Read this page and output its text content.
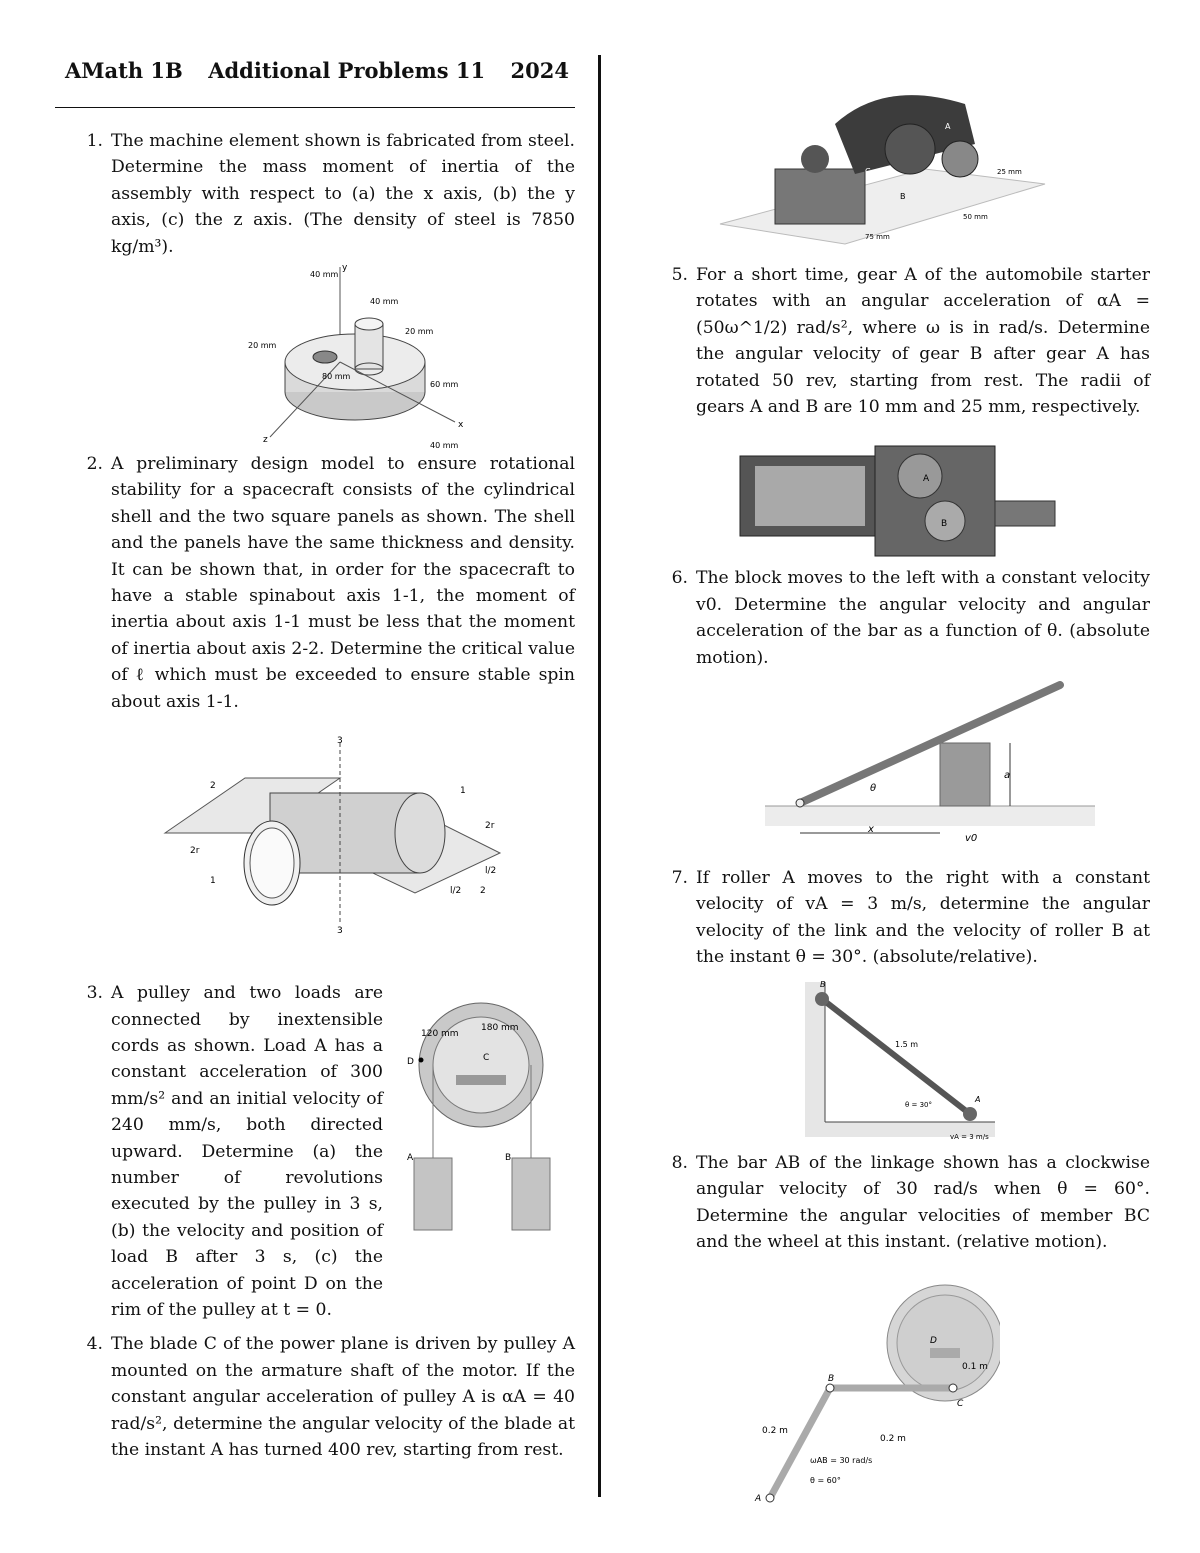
AMath 1B Additional Problems 11 2024
1. The machine element shown is fabricated from steel. Determine the mass moment of inertia of the assembly with respect to (a) the x axis, (b) the y axis, (c) the z axis. (The density of steel is 7850 kg/m³).
y
z
x
40 mm
40 mm
20 mm
20 mm
80 mm
60 mm
40 mm
2. A preliminary design model to ensure rotational stability for a spacecraft consists of the cylindrical shell and the two square panels as shown. The shell and the panels have the same thickness and density. It can be shown that, in order for the spacecraft to have a stable spinabout axis 1-1, the moment of inertia about axis 1-1 must be less that the moment of inertia about axis 2-2. Determine the critical value of ℓ which must be exceeded to ensure stable spin about axis 1-1.
3
3
2
2
1
1
2r
2r
l/2
l/2
3. A pulley and two loads are connected by inextensible cords as shown. Load A has a constant acceleration of 300 mm/s² and an initial velocity of 240 mm/s, both directed upward. Determine (a) the number of revolutions executed by the pulley in 3 s, (b) the velocity and position of load B after 3 s, (c) the acceleration of point D on the rim of the pulley at t = 0.
120 mm
180 mm
C
D
A	B
4. The blade C of the power plane is driven by pulley A mounted on the armature shaft of the motor. If the constant angular acceleration of pulley A is αA = 40 rad/s², determine the angular velocity of the blade at the instant A has turned 400 rev, starting from rest.
A
B
C	25 mm
50 mm
75 mm
5. For a short time, gear A of the automobile starter rotates with an angular acceleration of αA = (50ω^1/2) rad/s², where ω is in rad/s. Determine the angular velocity of gear B after gear A has rotated 50 rev, starting from rest. The radii of gears A and B are 10 mm and 25 mm, respectively.
A
B
6. The block moves to the left with a constant velocity v0. Determine the angular velocity and angular acceleration of the bar as a function of θ. (absolute motion).
θ
a
x
v0
7. If roller A moves to the right with a constant velocity of vA = 3 m/s, determine the angular velocity of the link and the velocity of roller B at the instant θ = 30°. (absolute/relative).
B
A
1.5 m
θ = 30°
vA = 3 m/s
8. The bar AB of the linkage shown has a clockwise angular velocity of 30 rad/s when θ = 60°. Determine the angular velocities of member BC and the wheel at this instant. (relative motion).
D
B
C
A
0.1 m
0.2 m
0.2 m
ωAB = 30 rad/s
θ = 60°
